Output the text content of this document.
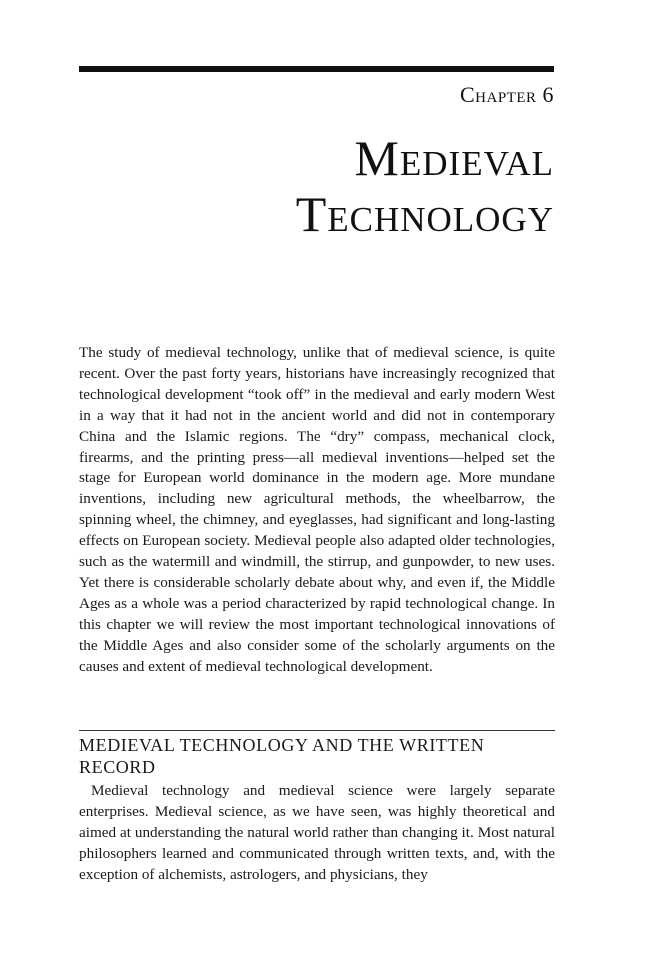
Chapter 6
Medieval
Technology

The study of medieval technology, unlike that of medieval science, is quite recent. Over the past forty years, historians have increasingly recognized that technological development “took off” in the medieval and early modern West in a way that it had not in the ancient world and did not in contemporary China and the Islamic regions. The “dry” compass, mechanical clock, firearms, and the printing press—all medieval inventions—helped set the stage for European world dominance in the modern age. More mundane inventions, including new agricultural methods, the wheelbarrow, the spinning wheel, the chimney, and eyeglasses, had significant and long-lasting effects on European society. Medieval people also adapted older technologies, such as the watermill and windmill, the stirrup, and gunpowder, to new uses. Yet there is considerable scholarly debate about why, and even if, the Middle Ages as a whole was a period characterized by rapid technological change. In this chapter we will review the most important technological innovations of the Middle Ages and also consider some of the scholarly arguments on the causes and extent of medieval technological development.

MEDIEVAL TECHNOLOGY AND THE WRITTEN RECORD

Medieval technology and medieval science were largely separate enterprises. Medieval science, as we have seen, was highly theoretical and aimed at understanding the natural world rather than changing it. Most natural philosophers learned and communicated through written texts, and, with the exception of alchemists, astrologers, and physicians, they
